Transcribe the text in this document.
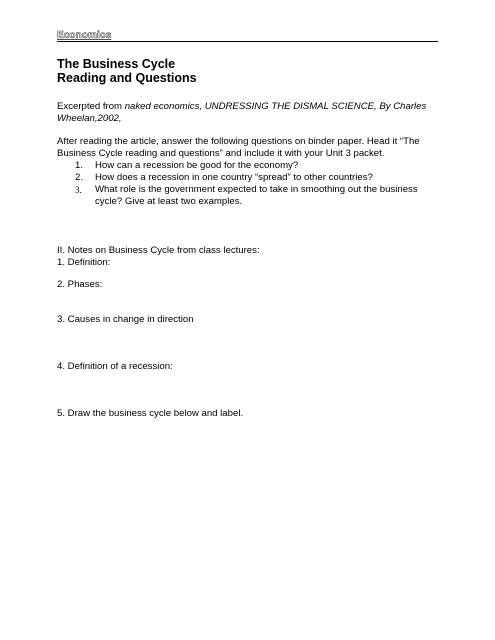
Economics
The Business Cycle
Reading and Questions
Excerpted from naked economics, UNDRESSING THE DISMAL SCIENCE, By Charles Wheelan,2002,
After reading the article, answer the following questions on binder paper. Head it “The Business Cycle reading and questions” and include it with your Unit 3 packet.
1. How can a recession be good for the economy?
2. How does a recession in one country “spread” to other countries?
3. What role is the government expected to take in smoothing out the business cycle? Give at least two examples.
II. Notes on Business Cycle from class lectures:
1. Definition:
2. Phases:
3. Causes in change in direction
4. Definition of a recession:
5. Draw the business cycle below and label.
